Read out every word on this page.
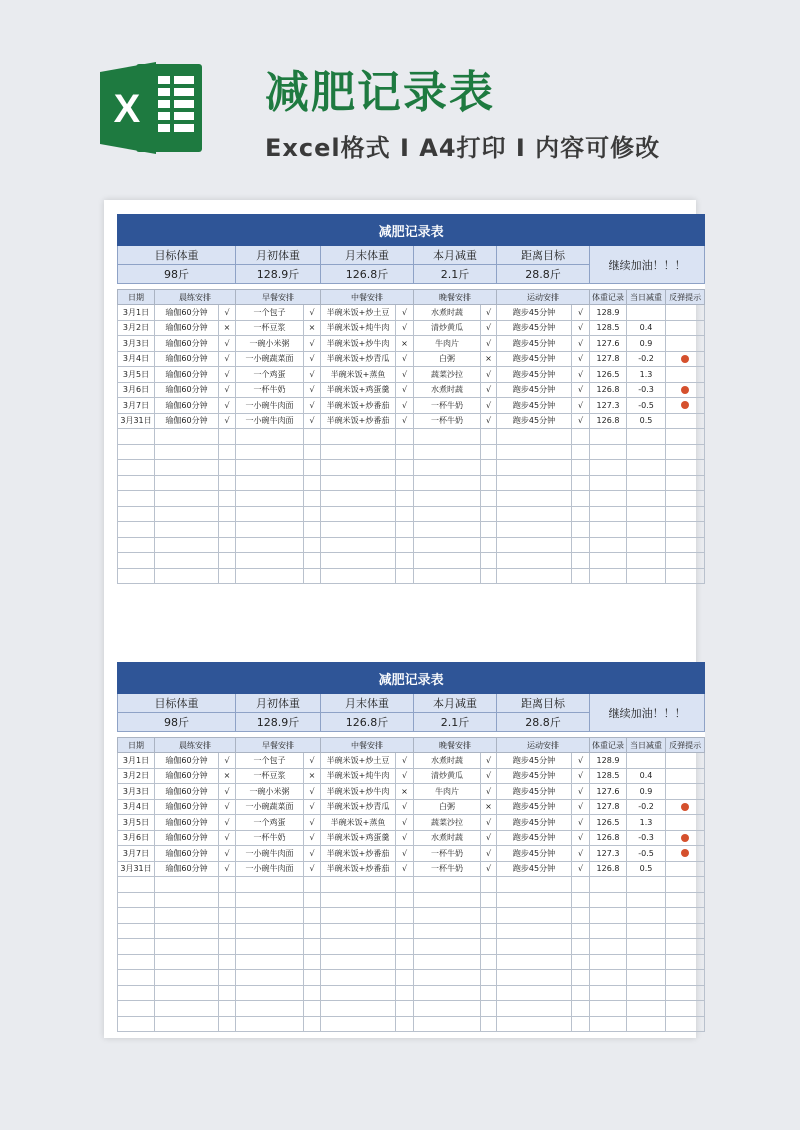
X	减肥记录表

Excel格式 I A4打印 I 内容可修改

减肥记录表													
目标体重			月初体重		月末体重		本月减重		距离目标		继续加油！！！		
98斤			128.9斤		126.8斤		2.1斤		28.8斤				

日期	晨练安排		早餐安排		中餐安排		晚餐安排		运动安排		体重记录	当日减重	反弹提示
3月1日	瑜伽60分钟	√	一个包子	√	半碗米饭+炒土豆	√	水煮时蔬	√	跑步45分钟	√	128.9		
3月2日	瑜伽60分钟	×	一杯豆浆	×	半碗米饭+炖牛肉	√	清炒黄瓜	√	跑步45分钟	√	128.5	0.4	
3月3日	瑜伽60分钟	√	一碗小米粥	√	半碗米饭+炒牛肉	×	牛肉片	√	跑步45分钟	√	127.6	0.9	
3月4日	瑜伽60分钟	√	一小碗蔬菜面	√	半碗米饭+炒青瓜	√	白粥	×	跑步45分钟	√	127.8	-0.2	
3月5日	瑜伽60分钟	√	一个鸡蛋	√	半碗米饭+蒸鱼	√	蔬菜沙拉	√	跑步45分钟	√	126.5	1.3	
3月6日	瑜伽60分钟	√	一杯牛奶	√	半碗米饭+鸡蛋羹	√	水煮时蔬	√	跑步45分钟	√	126.8	-0.3	
3月7日	瑜伽60分钟	√	一小碗牛肉面	√	半碗米饭+炒番茄	√	一杯牛奶	√	跑步45分钟	√	127.3	-0.5	
3月31日	瑜伽60分钟	√	一小碗牛肉面	√	半碗米饭+炒番茄	√	一杯牛奶	√	跑步45分钟	√	126.8	0.5	

减肥记录表													
目标体重			月初体重		月末体重		本月减重		距离目标		继续加油！！！		
98斤			128.9斤		126.8斤		2.1斤		28.8斤				

日期	晨练安排		早餐安排		中餐安排		晚餐安排		运动安排		体重记录	当日减重	反弹提示
3月1日	瑜伽60分钟	√	一个包子	√	半碗米饭+炒土豆	√	水煮时蔬	√	跑步45分钟	√	128.9		
3月2日	瑜伽60分钟	×	一杯豆浆	×	半碗米饭+炖牛肉	√	清炒黄瓜	√	跑步45分钟	√	128.5	0.4	
3月3日	瑜伽60分钟	√	一碗小米粥	√	半碗米饭+炒牛肉	×	牛肉片	√	跑步45分钟	√	127.6	0.9	
3月4日	瑜伽60分钟	√	一小碗蔬菜面	√	半碗米饭+炒青瓜	√	白粥	×	跑步45分钟	√	127.8	-0.2	
3月5日	瑜伽60分钟	√	一个鸡蛋	√	半碗米饭+蒸鱼	√	蔬菜沙拉	√	跑步45分钟	√	126.5	1.3	
3月6日	瑜伽60分钟	√	一杯牛奶	√	半碗米饭+鸡蛋羹	√	水煮时蔬	√	跑步45分钟	√	126.8	-0.3	
3月7日	瑜伽60分钟	√	一小碗牛肉面	√	半碗米饭+炒番茄	√	一杯牛奶	√	跑步45分钟	√	127.3	-0.5	
3月31日	瑜伽60分钟	√	一小碗牛肉面	√	半碗米饭+炒番茄	√	一杯牛奶	√	跑步45分钟	√	126.8	0.5	
